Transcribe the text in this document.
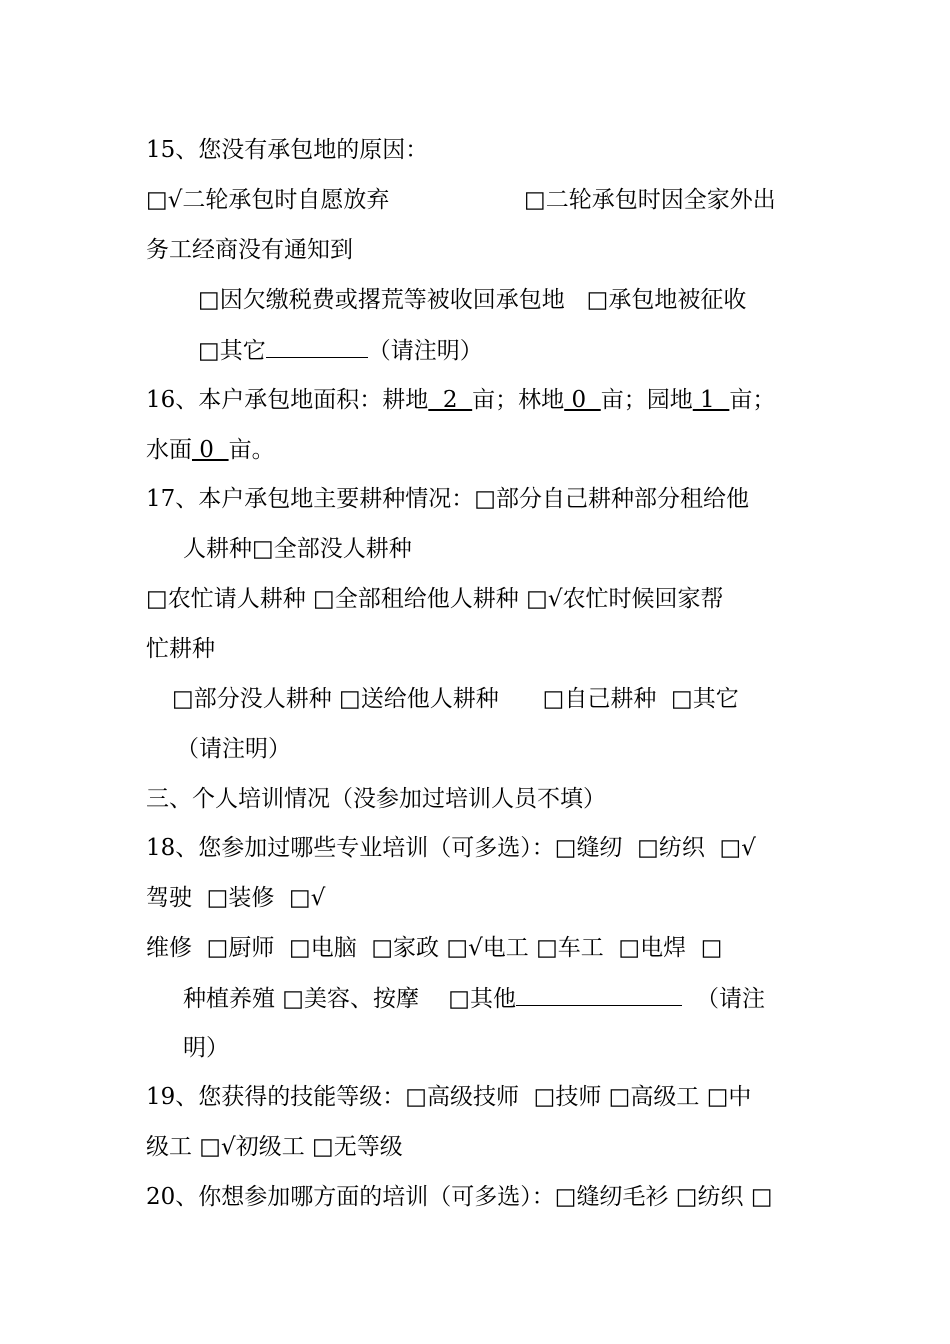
15、您没有承包地的原因：
□√二轮承包时自愿放弃	□二轮承包时因全家外出
务工经商没有通知到
□因欠缴税费或撂荒等被收回承包地   □承包地被征收
□其它	（请注明）
16、本户承包地面积：耕地  2  亩；林地 0  亩；园地 1  亩；
水面 0  亩。
17、本户承包地主要耕种情况：□部分自己耕种部分租给他
人耕种□全部没人耕种
□农忙请人耕种 □全部租给他人耕种 □√农忙时候回家帮
忙耕种
□部分没人耕种 □送给他人耕种      □自己耕种  □其它
（请注明）
三、个人培训情况（没参加过培训人员不填）
18、您参加过哪些专业培训（可多选）：□缝纫  □纺织  □√
驾驶  □装修  □√
维修  □厨师  □电脑  □家政 □√电工 □车工  □电焊  □
种植养殖 □美容、按摩    □其他	（请注
明）
19、您获得的技能等级：□高级技师  □技师 □高级工 □中
级工 □√初级工 □无等级
20、你想参加哪方面的培训（可多选）：□缝纫毛衫 □纺织 □
